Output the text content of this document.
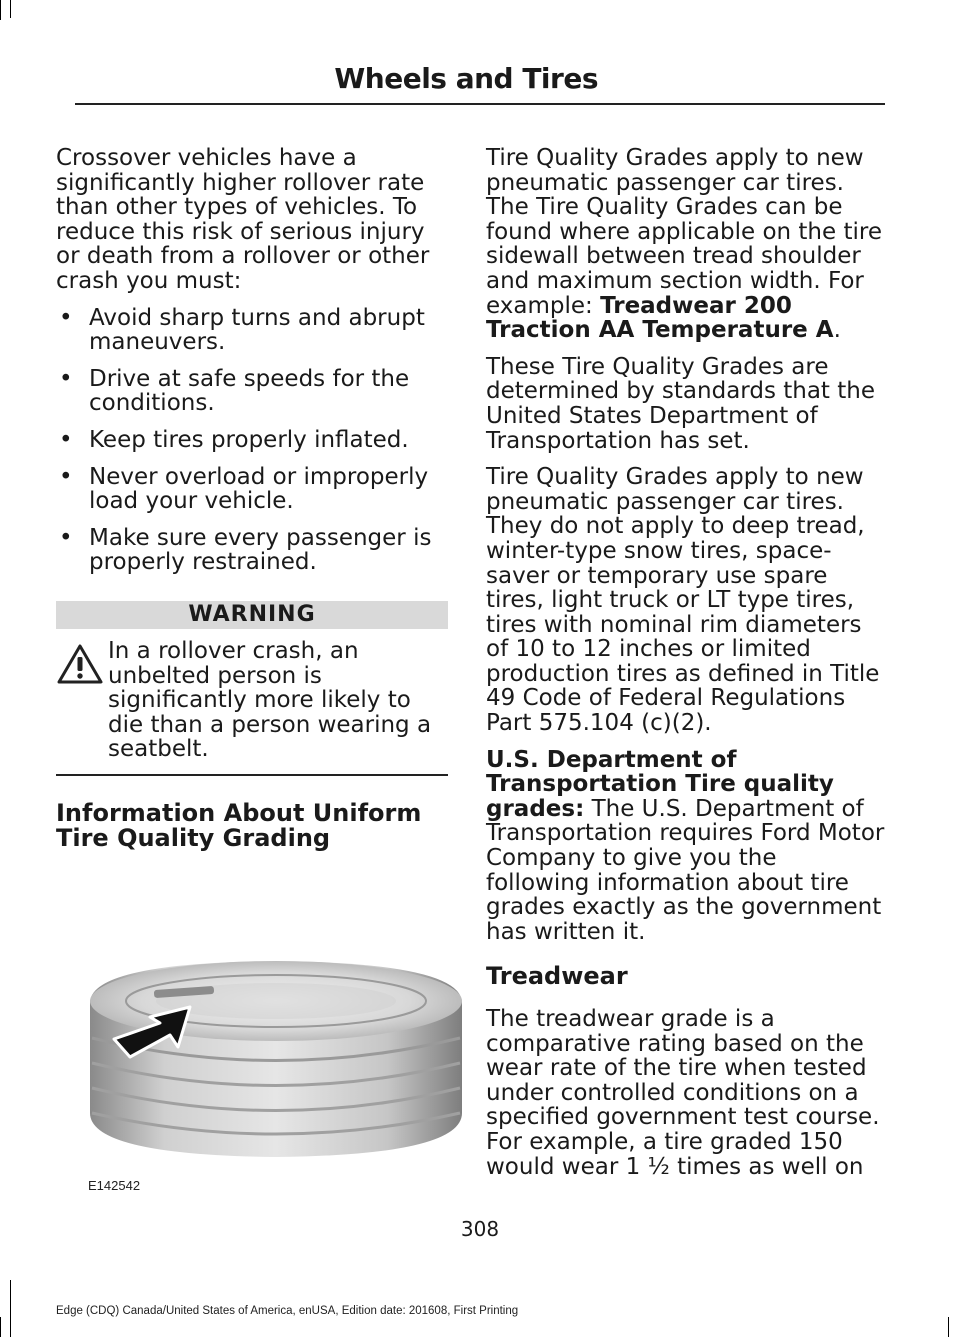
Wheels and Tires

Crossover vehicles have a significantly higher rollover rate than other types of vehicles. To reduce this risk of serious injury or death from a rollover or other crash you must:

• Avoid sharp turns and abrupt maneuvers.
• Drive at safe speeds for the conditions.
• Keep tires properly inflated.
• Never overload or improperly load your vehicle.
• Make sure every passenger is properly restrained.
WARNING
In a rollover crash, an unbelted person is significantly more likely to die than a person wearing a seatbelt.
Information About Uniform Tire Quality Grading
E142542

Tire Quality Grades apply to new pneumatic passenger car tires. The Tire Quality Grades can be found where applicable on the tire sidewall between tread shoulder and maximum section width. For example: Treadwear 200 Traction AA Temperature A.

These Tire Quality Grades are determined by standards that the United States Department of Transportation has set.

Tire Quality Grades apply to new pneumatic passenger car tires. They do not apply to deep tread, winter-type snow tires, space-saver or temporary use spare tires, light truck or LT type tires, tires with nominal rim diameters of 10 to 12 inches or limited production tires as defined in Title 49 Code of Federal Regulations Part 575.104 (c)(2).

U.S. Department of Transportation Tire quality grades: The U.S. Department of Transportation requires Ford Motor Company to give you the following information about tire grades exactly as the government has written it.

Treadwear

The treadwear grade is a comparative rating based on the wear rate of the tire when tested under controlled conditions on a specified government test course. For example, a tire graded 150 would wear 1 ½ times as well on

308
Edge (CDQ) Canada/United States of America, enUSA, Edition date: 201608, First Printing
